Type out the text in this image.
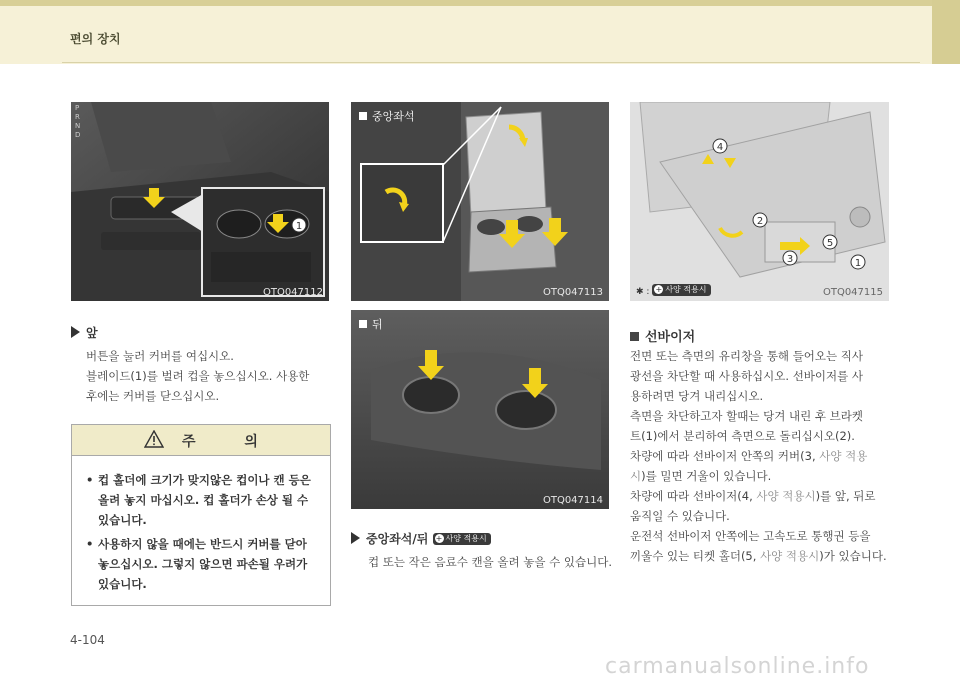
편의 장치
1
P
R
N
D
OTQ047112
중앙좌석
OTQ047113
뒤
OTQ047114
4
2
3
5
1
✱ : + 사양 적용시	OTQ047115
앞

버튼을 눌러 커버를 여십시오.

블레이드(1)를 벌려 컵을 놓으십시오. 사용한

후에는 커버를 닫으십시오.

주 의
• 컵 홀더에 크기가 맞지않은 컵이나 캔 등은
올려 놓지 마십시오. 컵 홀더가 손상 될 수
있습니다.
• 사용하지 않을 때에는 반드시 커버를 닫아
놓으십시오. 그렇지 않으면 파손될 우려가
있습니다.
중앙좌석/뒤 + 사양 적용시

컵 또는 작은 음료수 캔을 올려 놓을 수 있습니다.

선바이저

전면 또는 측면의 유리창을 통해 들어오는 직사

광선을 차단할 때 사용하십시오. 선바이저를 사

용하려면 당겨 내리십시오.

측면을 차단하고자 할때는 당겨 내린 후 브라켓

트(1)에서 분리하여 측면으로 돌리십시오(2).

차량에 따라 선바이저 안쪽의 커버(3, 사양 적용

시)를 밀면 거울이 있습니다.

차량에 따라 선바이저(4, 사양 적용시)를 앞, 뒤로

움직일 수 있습니다.

운전석 선바이저 안쪽에는 고속도로 통행권 등을

끼울수 있는 티켓 홀더(5, 사양 적용시)가 있습니다.

4-104
carmanualsonline.info
